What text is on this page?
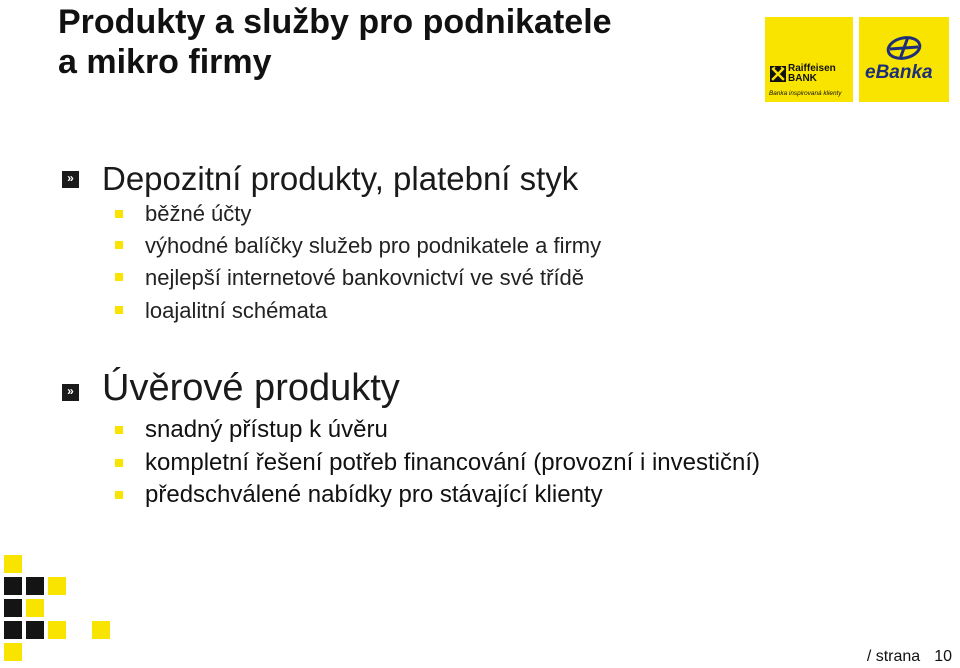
Produkty a služby pro podnikatele
a mikro firmy	Raiffeisen
BANK
Banka inspirovaná klienty
eBanka
» Depozitní produkty, platební styk
běžné účty
výhodné balíčky služeb pro podnikatele a firmy
nejlepší internetové bankovnictví ve své třídě
loajalitní schémata
» Úvěrové produkty
snadný přístup k úvěru
kompletní řešení potřeb financování (provozní i investiční)
předschválené nabídky pro stávající klienty
/ strana 10
